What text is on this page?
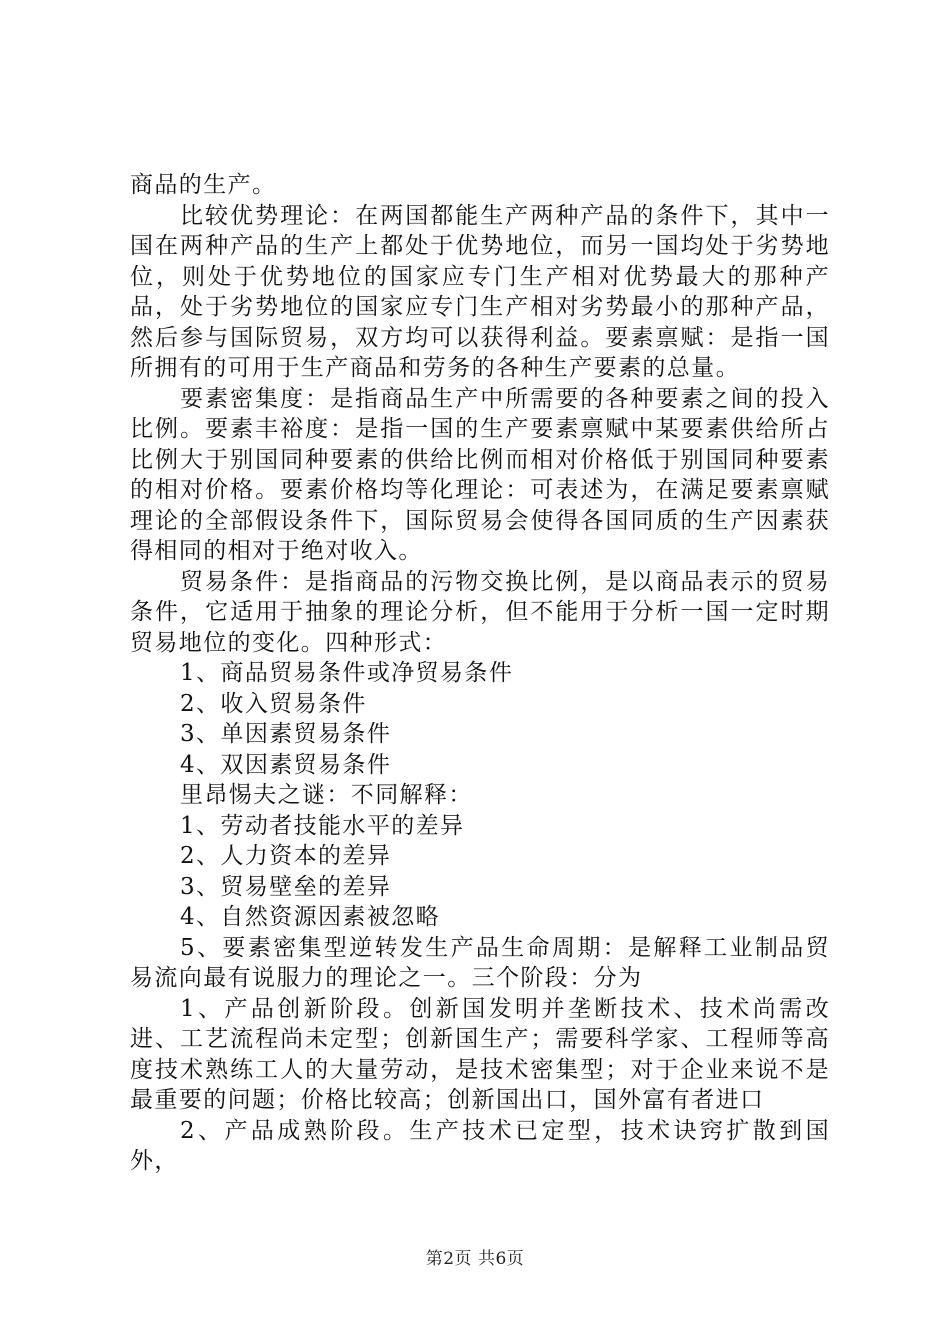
商品的生产。

比较优势理论：在两国都能生产两种产品的条件下，其中一国在两种产品的生产上都处于优势地位，而另一国均处于劣势地位，则处于优势地位的国家应专门生产相对优势最大的那种产品，处于劣势地位的国家应专门生产相对劣势最小的那种产品，然后参与国际贸易，双方均可以获得利益。要素禀赋：是指一国所拥有的可用于生产商品和劳务的各种生产要素的总量。

要素密集度：是指商品生产中所需要的各种要素之间的投入比例。要素丰裕度：是指一国的生产要素禀赋中某要素供给所占比例大于别国同种要素的供给比例而相对价格低于别国同种要素的相对价格。要素价格均等化理论：可表述为，在满足要素禀赋理论的全部假设条件下，国际贸易会使得各国同质的生产因素获得相同的相对于绝对收入。

贸易条件：是指商品的污物交换比例，是以商品表示的贸易条件，它适用于抽象的理论分析，但不能用于分析一国一定时期贸易地位的变化。四种形式：

1、商品贸易条件或净贸易条件

2、收入贸易条件

3、单因素贸易条件

4、双因素贸易条件

里昂惕夫之谜：不同解释：

1、劳动者技能水平的差异

2、人力资本的差异

3、贸易壁垒的差异

4、自然资源因素被忽略

5、要素密集型逆转发生产品生命周期：是解释工业制品贸易流向最有说服力的理论之一。三个阶段：分为

1、产品创新阶段。创新国发明并垄断技术、技术尚需改进、工艺流程尚未定型；创新国生产；需要科学家、工程师等高度技术熟练工人的大量劳动，是技术密集型；对于企业来说不是最重要的问题；价格比较高；创新国出口，国外富有者进口

2、产品成熟阶段。生产技术已定型，技术诀窍扩散到国外，

第2页 共6页
